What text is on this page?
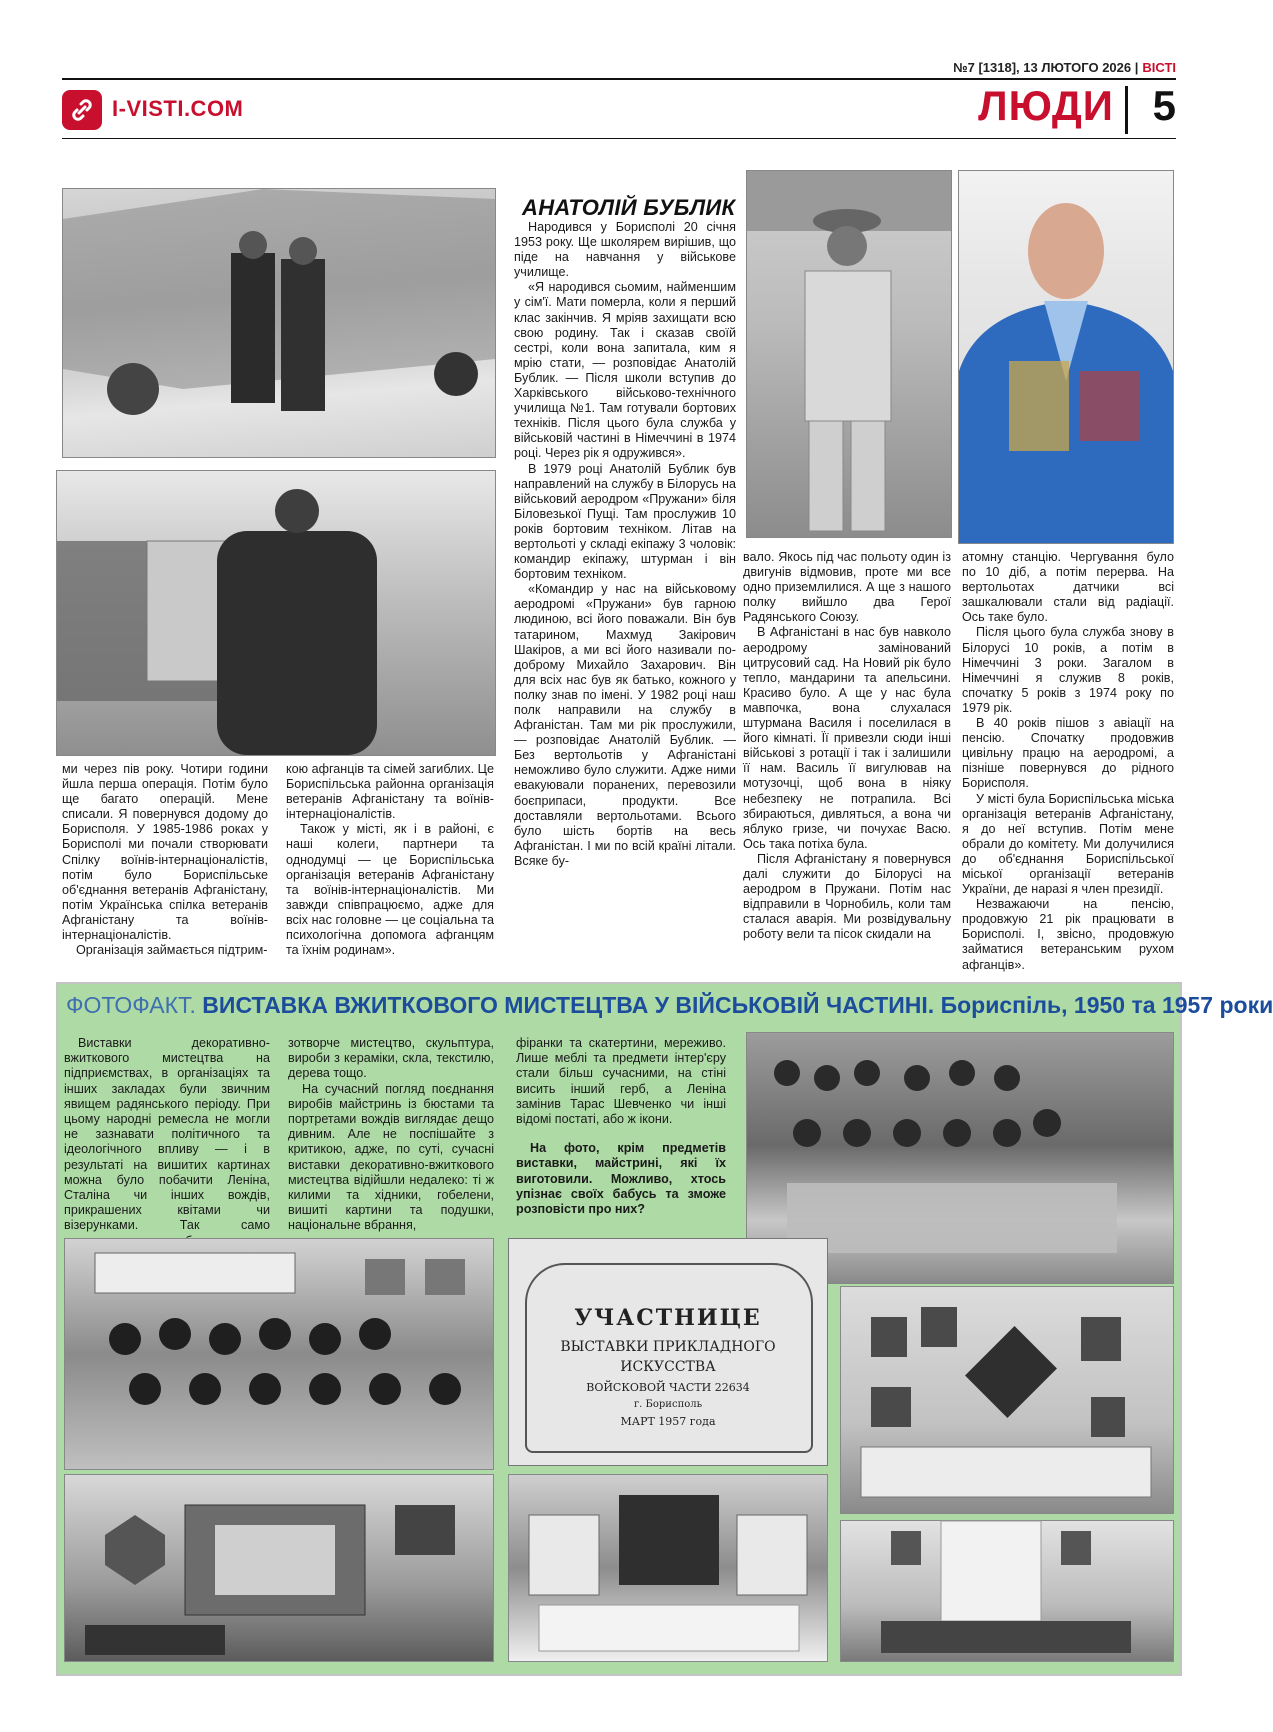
№7 [1318], 13 ЛЮТОГО 2026 | ВІСТІ
I-VISTI.COM	ЛЮДИ 5
АНАТОЛІЙ БУБЛИК

Народився у Борисполі 20 січня 1953 року. Ще школярем вирішив, що піде на навчання у військове училище.

«Я народився сьомим, найменшим у сім'ї. Мати померла, коли я перший клас закінчив. Я мріяв захищати всю свою родину. Так і сказав своїй сестрі, коли вона запитала, ким я мрію стати, — розповідає Анатолій Бублик. — Після школи вступив до Харківського військово-технічного училища №1. Там готували бортових техніків. Після цього була служба у військовій частині в Німеччині в 1974 році. Через рік я одружився».

В 1979 році Анатолій Бублик був направлений на службу в Білорусь на військовий аеродром «Пружани» біля Біловезької Пущі. Там прослужив 10 років бортовим технiком. Літав на вертольоті у складі екіпажу 3 чоловік: командир екіпажу, штурман і він бортовим технiком.

«Командир у нас на військовому аеродромі «Пружани» був гарною людиною, всі його поважали. Він був татарином, Махмуд Закірович Шакіров, а ми всі його називали по-доброму Михайло Захарович. Він для всіх нас був як батько, кожного у полку знав по імені. У 1982 році наш полк направили на службу в Афганістан. Там ми рік прослужили, — розповідає Анатолій Бублик. — Без вертольотів у Афганістані неможливо було служити. Адже ними евакуювали поранених, перевозили боєприпаси, продукти. Все доставляли вертольотами. Всього було шість бортів на весь Афганістан. І ми по всій країні літали. Всяке бу-

вало. Якось під час польоту один із двигунів відмовив, проте ми все одно приземлилися. А ще з нашого полку вийшло два Герої Радянського Союзу.

В Афганістані в нас був навколо аеродрому замінований цитрусовий сад. На Новий рік було тепло, мандарини та апельсини. Красиво було. А ще у нас була мавпочка, вона слухалася штурмана Василя і поселилася в його кімнаті. Її привезли сюди інші військові з ротації і так і залишили її нам. Василь її вигулював на мотузочці, щоб вона в ніяку небезпеку не потрапила. Всі збираються, дивляться, а вона чи яблуко гризе, чи почухає Васю. Ось така потіха була.

Після Афганістану я повернувся далі служити до Білорусі на аеродром в Пружани. Потім нас відправили в Чорнобиль, коли там сталася аварія. Ми розвідувальну роботу вели та пісок скидали на

атомну станцію. Чергування було по 10 діб, а потім перерва. На вертольотах датчики всі зашкалювали стали від радіації. Ось таке було.

Після цього була служба знову в Білорусі 10 років, а потім в Німеччині 3 роки. Загалом в Німеччині я служив 8 років, спочатку 5 років з 1974 року по 1979 рік.

В 40 років пішов з авіації на пенсію. Спочатку продовжив цивільну працю на аеродромі, а пізніше повернувся до рідного Борисполя.

У місті була Бориспільська міська організація ветеранів Афганістану, я до неї вступив. Потім мене обрали до комітету. Ми долучилися до об'єднання Бориспільської міської організації ветеранів України, де наразі я член президії.

Незважаючи на пенсію, продовжую 21 рік працювати в Борисполі. І, звісно, продовжую займатися ветеранським рухом афганців».

ми через пів року. Чотири години йшла перша операція. Потім було ще багато операцій. Мене списали. Я повернувся додому до Борисполя. У 1985-1986 роках у Борисполі ми почали створювати Спілку воїнів-інтернаціоналістів, потім було Бориспільське об'єднання ветеранів Афганістану, потім Українська спілка ветеранів Афганістану та воїнів-інтернаціоналістів.

Організація займається підтрим-

кою афганців та сімей загиблих. Це Бориспільська районна організація ветеранів Афганістану та воїнів-інтернаціоналістів.

Також у місті, як і в районі, є наші колеги, партнери та однодумці — це Бориспільська організація ветеранів Афганістану та воїнів-інтернаціоналістів. Ми завжди співпрацюємо, адже для всіх нас головне — це соціальна та психологічна допомога афганцям та їхнім родинам».

ФОТОФАКТ. ВИСТАВКА ВЖИТКОВОГО МИСТЕЦТВА У ВІЙСЬКОВІЙ ЧАСТИНІ. Бориспіль, 1950 та 1957 роки

Виставки декоративно-вжиткового мистецтва на підприємствах, в організаціях та інших закладах були звичним явищем радянського періоду. При цьому народні ремесла не могли не зазнавати політичного та ідеологічного впливу — і в результаті на вишитих картинах можна було побачити Леніна, Сталіна чи інших вождів, прикрашених квітами чи візерунками. Так само

зотворче мистецтво, скульптура, вироби з кераміки, скла, текстилю, дерева тощо.

На сучасний погляд поєднання виробів майстринь із бюстами та портретами вождів виглядає дещо дивним. Але не поспішайте з критикою, адже, по суті, сучасні виставки декоративно-вжиткового мистецтва відійшли недалеко: ті ж килими та хідники, гобелени, вишиті картини та подушки, національне вбрання,

фіранки та скатертини, мереживо. Лише меблі та предмети інтер'єру стали більш сучасними, на стіні висить інший герб, а Леніна замінив Тарас Шевченко чи інші відомі постаті, або ж ікони.

На фото, крім предметів виставки, майстрині, які їх виготовили. Можливо, хтось упізнає своїх бабусь та зможе розповісти про них?

УЧАСТНИЦЕ
ВЫСТАВКИ ПРИКЛАДНОГО
ИСКУССТВА
ВОЙСКОВОЙ ЧАСТИ 22634
г. Борисполь
МАРТ 1957 года
